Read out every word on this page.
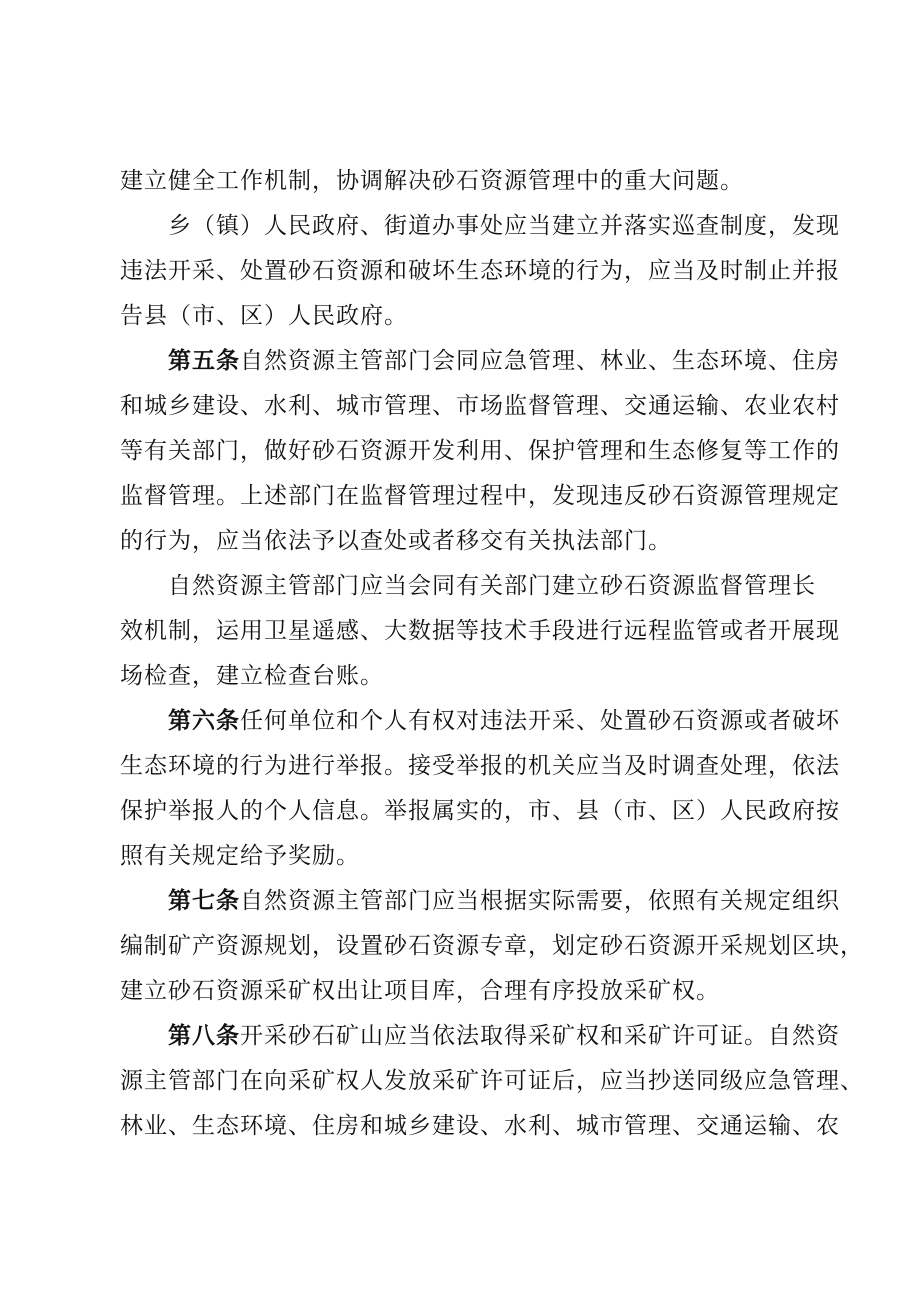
建立健全工作机制，协调解决砂石资源管理中的重大问题。
乡（镇）人民政府、街道办事处应当建立并落实巡查制度，发现
违法开采、处置砂石资源和破坏生态环境的行为，应当及时制止并报
告县（市、区）人民政府。
第五条自然资源主管部门会同应急管理、林业、生态环境、住房
和城乡建设、水利、城市管理、市场监督管理、交通运输、农业农村
等有关部门，做好砂石资源开发利用、保护管理和生态修复等工作的
监督管理。上述部门在监督管理过程中，发现违反砂石资源管理规定
的行为，应当依法予以查处或者移交有关执法部门。
自然资源主管部门应当会同有关部门建立砂石资源监督管理长
效机制，运用卫星遥感、大数据等技术手段进行远程监管或者开展现
场检查，建立检查台账。
第六条任何单位和个人有权对违法开采、处置砂石资源或者破坏
生态环境的行为进行举报。接受举报的机关应当及时调查处理，依法
保护举报人的个人信息。举报属实的，市、县（市、区）人民政府按
照有关规定给予奖励。
第七条自然资源主管部门应当根据实际需要，依照有关规定组织
编制矿产资源规划，设置砂石资源专章，划定砂石资源开采规划区块，
建立砂石资源采矿权出让项目库，合理有序投放采矿权。
第八条开采砂石矿山应当依法取得采矿权和采矿许可证。自然资
源主管部门在向采矿权人发放采矿许可证后，应当抄送同级应急管理、
林业、生态环境、住房和城乡建设、水利、城市管理、交通运输、农
